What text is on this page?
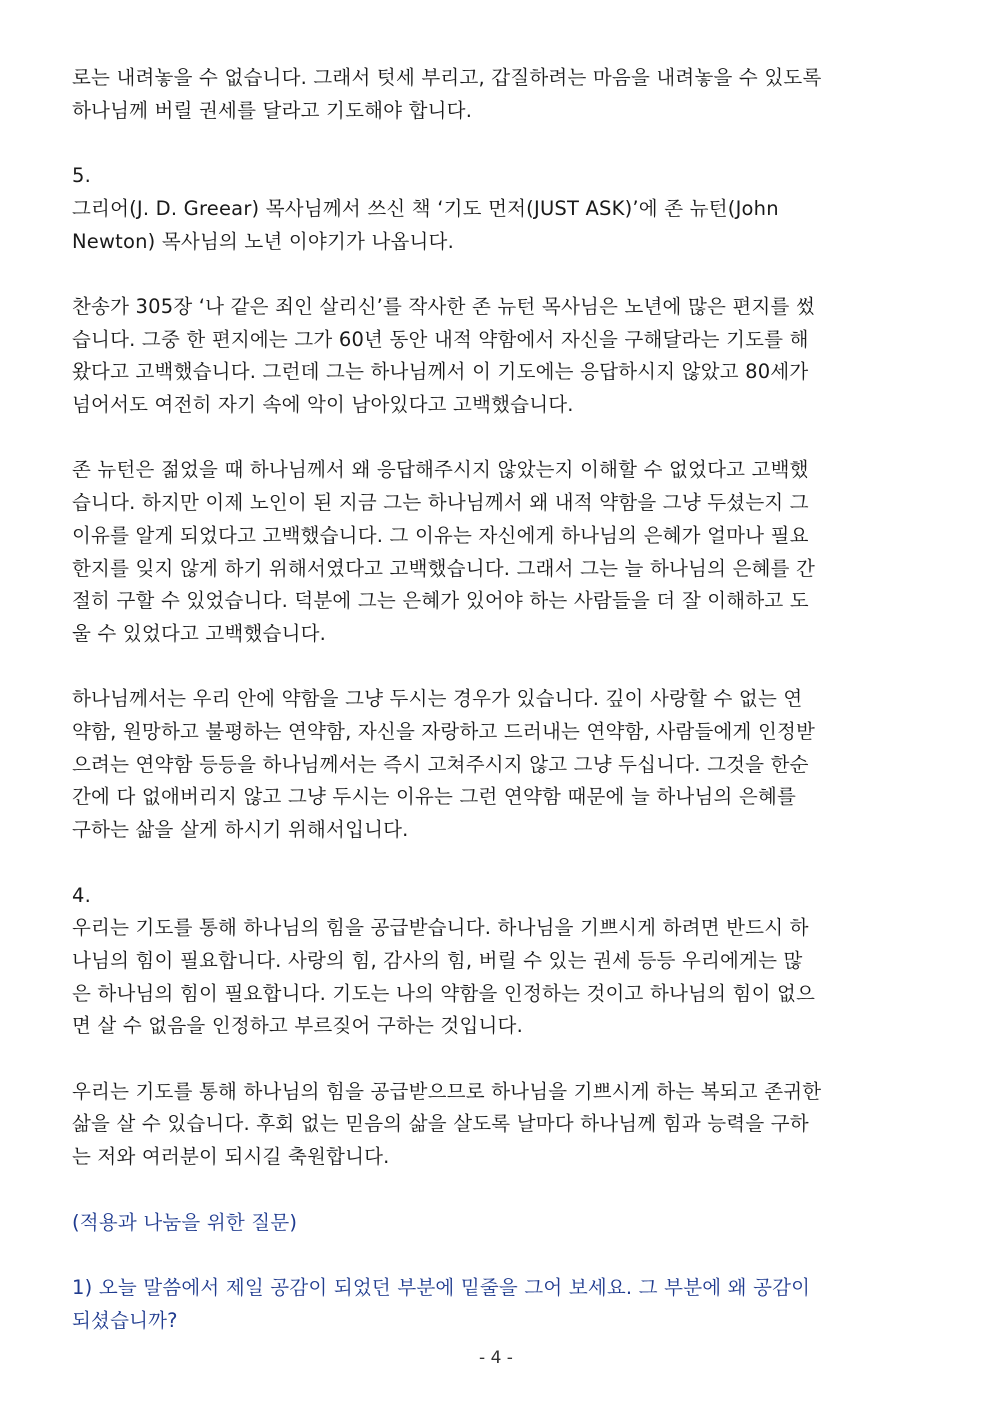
로는 내려놓을 수 없습니다. 그래서 텃세 부리고, 갑질하려는 마음을 내려놓을 수 있도록
하나님께 버릴 권세를 달라고 기도해야 합니다.

5.

그리어(J. D. Greear) 목사님께서 쓰신 책 ‘기도 먼저(JUST ASK)’에 존 뉴턴(John
Newton) 목사님의 노년 이야기가 나옵니다.

찬송가 305장 ‘나 같은 죄인 살리신’를 작사한 존 뉴턴 목사님은 노년에 많은 편지를 썼
습니다. 그중 한 편지에는 그가 60년 동안 내적 약함에서 자신을 구해달라는 기도를 해
왔다고 고백했습니다. 그런데 그는 하나님께서 이 기도에는 응답하시지 않았고 80세가
넘어서도 여전히 자기 속에 악이 남아있다고 고백했습니다.

존 뉴턴은 젊었을 때 하나님께서 왜 응답해주시지 않았는지 이해할 수 없었다고 고백했
습니다. 하지만 이제 노인이 된 지금 그는 하나님께서 왜 내적 약함을 그냥 두셨는지 그
이유를 알게 되었다고 고백했습니다. 그 이유는 자신에게 하나님의 은혜가 얼마나 필요
한지를 잊지 않게 하기 위해서였다고 고백했습니다. 그래서 그는 늘 하나님의 은혜를 간
절히 구할 수 있었습니다. 덕분에 그는 은혜가 있어야 하는 사람들을 더 잘 이해하고 도
울 수 있었다고 고백했습니다.

하나님께서는 우리 안에 약함을 그냥 두시는 경우가 있습니다. 깊이 사랑할 수 없는 연
약함, 원망하고 불평하는 연약함, 자신을 자랑하고 드러내는 연약함, 사람들에게 인정받
으려는 연약함 등등을 하나님께서는 즉시 고쳐주시지 않고 그냥 두십니다. 그것을 한순
간에 다 없애버리지 않고 그냥 두시는 이유는 그런 연약함 때문에 늘 하나님의 은혜를
구하는 삶을 살게 하시기 위해서입니다.

4.

우리는 기도를 통해 하나님의 힘을 공급받습니다. 하나님을 기쁘시게 하려면 반드시 하
나님의 힘이 필요합니다. 사랑의 힘, 감사의 힘, 버릴 수 있는 권세 등등 우리에게는 많
은 하나님의 힘이 필요합니다. 기도는 나의 약함을 인정하는 것이고 하나님의 힘이 없으
면 살 수 없음을 인정하고 부르짖어 구하는 것입니다.

우리는 기도를 통해 하나님의 힘을 공급받으므로 하나님을 기쁘시게 하는 복되고 존귀한
삶을 살 수 있습니다. 후회 없는 믿음의 삶을 살도록 날마다 하나님께 힘과 능력을 구하
는 저와 여러분이 되시길 축원합니다.

(적용과 나눔을 위한 질문)

1) 오늘 말씀에서 제일 공감이 되었던 부분에 밑줄을 그어 보세요. 그 부분에 왜 공감이
되셨습니까?

- 4 -
